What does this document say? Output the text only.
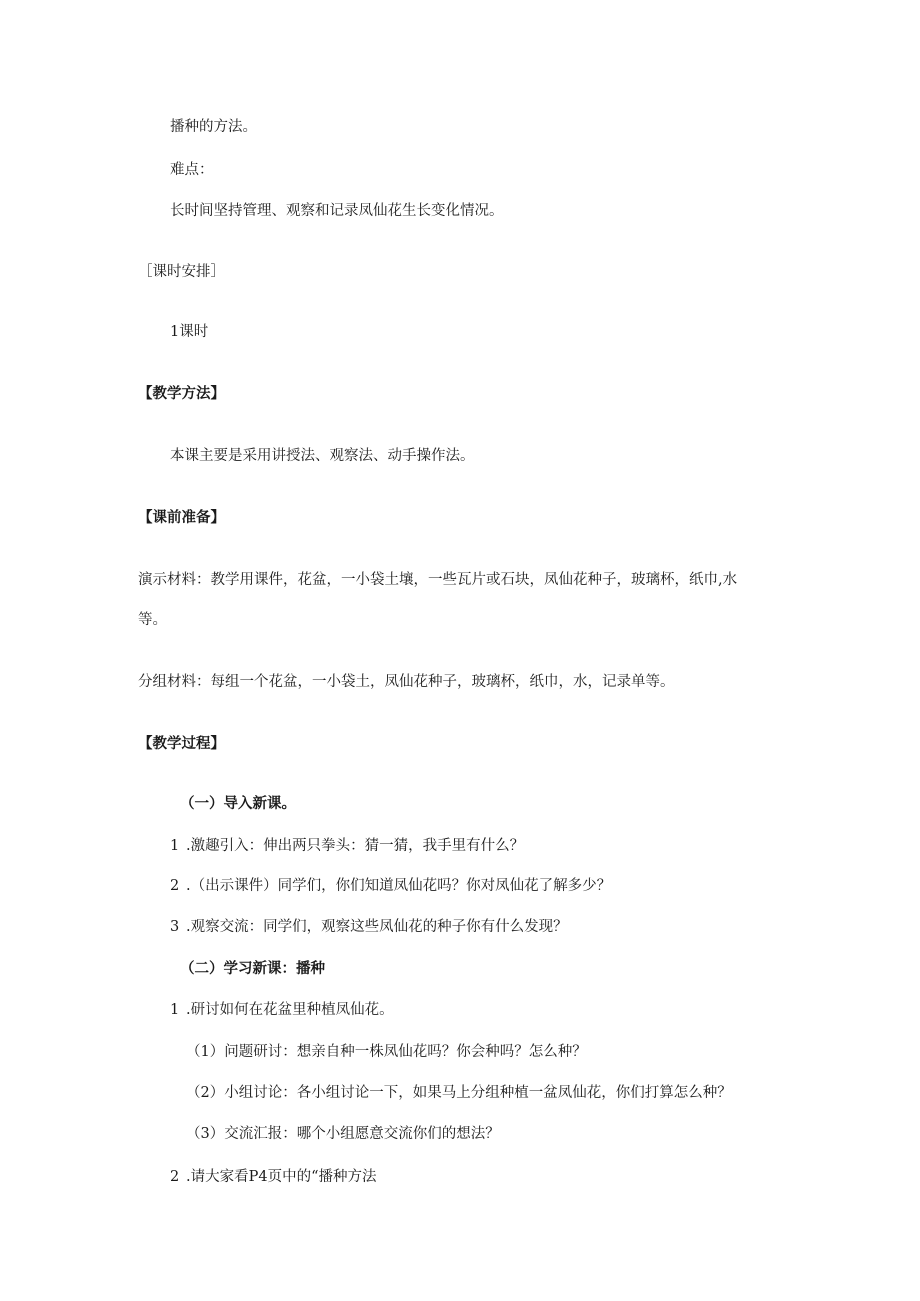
播种的方法。
难点：
长时间坚持管理、观察和记录凤仙花生长变化情况。
［课时安排］
1课时
【教学方法】
本课主要是采用讲授法、观察法、动手操作法。
【课前准备】
演示材料：教学用课件，花盆，一小袋土壤，一些瓦片或石块，凤仙花种子，玻璃杯，纸巾,水
等。
分组材料：每组一个花盆，一小袋土，凤仙花种子，玻璃杯，纸巾，水，记录单等。
【教学过程】
（一）导入新课。
1 .激趣引入：伸出两只拳头：猜一猜，我手里有什么？
2 .（出示课件）同学们，你们知道凤仙花吗？你对凤仙花了解多少？
3 .观察交流：同学们，观察这些凤仙花的种子你有什么发现？
（二）学习新课：播种
1 .研讨如何在花盆里种植凤仙花。
（1）问题研讨：想亲自种一株凤仙花吗？你会种吗？怎么种？
（2）小组讨论：各小组讨论一下，如果马上分组种植一盆凤仙花，你们打算怎么种？
（3）交流汇报：哪个小组愿意交流你们的想法？
2 .请大家看P4页中的“播种方法
